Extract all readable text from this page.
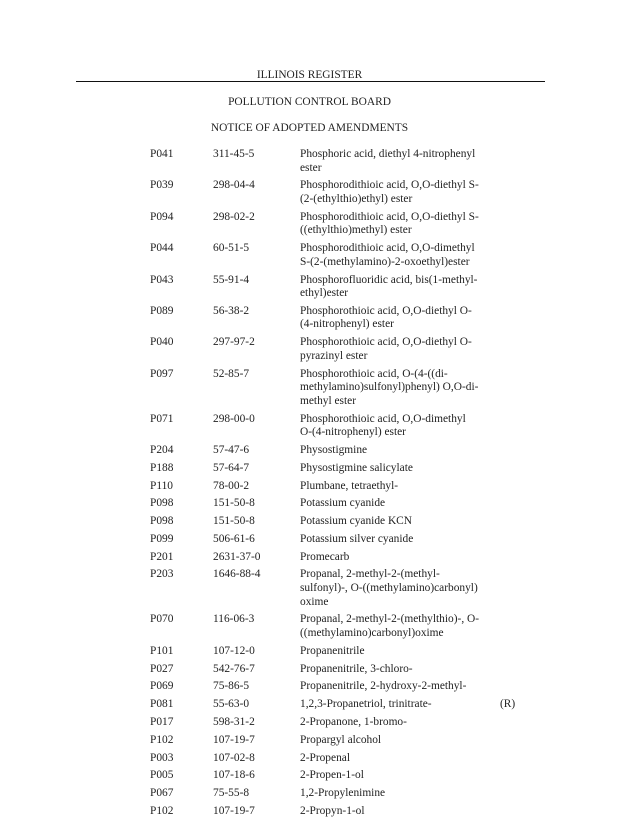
ILLINOIS REGISTER
POLLUTION CONTROL BOARD
NOTICE OF ADOPTED AMENDMENTS
P041	311-45-5	Phosphoric acid, diethyl 4-nitrophenyl
ester
P039	298-04-4	Phosphorodithioic acid, O,O-diethyl S-
(2-(ethylthio)ethyl) ester
P094	298-02-2	Phosphorodithioic acid, O,O-diethyl S-
((ethylthio)methyl) ester
P044	60-51-5	Phosphorodithioic acid, O,O-dimethyl
S-(2-(methylamino)-2-oxoethyl)ester
P043	55-91-4	Phosphorofluoridic acid, bis(1-methyl-
ethyl)ester
P089	56-38-2	Phosphorothioic acid, O,O-diethyl O-
(4-nitrophenyl) ester
P040	297-97-2	Phosphorothioic acid, O,O-diethyl O-
pyrazinyl ester
P097	52-85-7	Phosphorothioic acid, O-(4-((di-
methylamino)sulfonyl)phenyl) O,O-di-
methyl ester
P071	298-00-0	Phosphorothioic acid, O,O-dimethyl
O-(4-nitrophenyl) ester
P204	57-47-6	Physostigmine
P188	57-64-7	Physostigmine salicylate
P110	78-00-2	Plumbane, tetraethyl-
P098	151-50-8	Potassium cyanide
P098	151-50-8	Potassium cyanide KCN
P099	506-61-6	Potassium silver cyanide
P201	2631-37-0	Promecarb
P203	1646-88-4	Propanal, 2-methyl-2-(methyl-
sulfonyl)-, O-((methylamino)carbonyl)
oxime
P070	116-06-3	Propanal, 2-methyl-2-(methylthio)-, O-
((methylamino)carbonyl)oxime
P101	107-12-0	Propanenitrile
P027	542-76-7	Propanenitrile, 3-chloro-
P069	75-86-5	Propanenitrile, 2-hydroxy-2-methyl-
P081	55-63-0	1,2,3-Propanetriol, trinitrate-	(R)
P017	598-31-2	2-Propanone, 1-bromo-
P102	107-19-7	Propargyl alcohol
P003	107-02-8	2-Propenal
P005	107-18-6	2-Propen-1-ol
P067	75-55-8	1,2-Propylenimine
P102	107-19-7	2-Propyn-1-ol
